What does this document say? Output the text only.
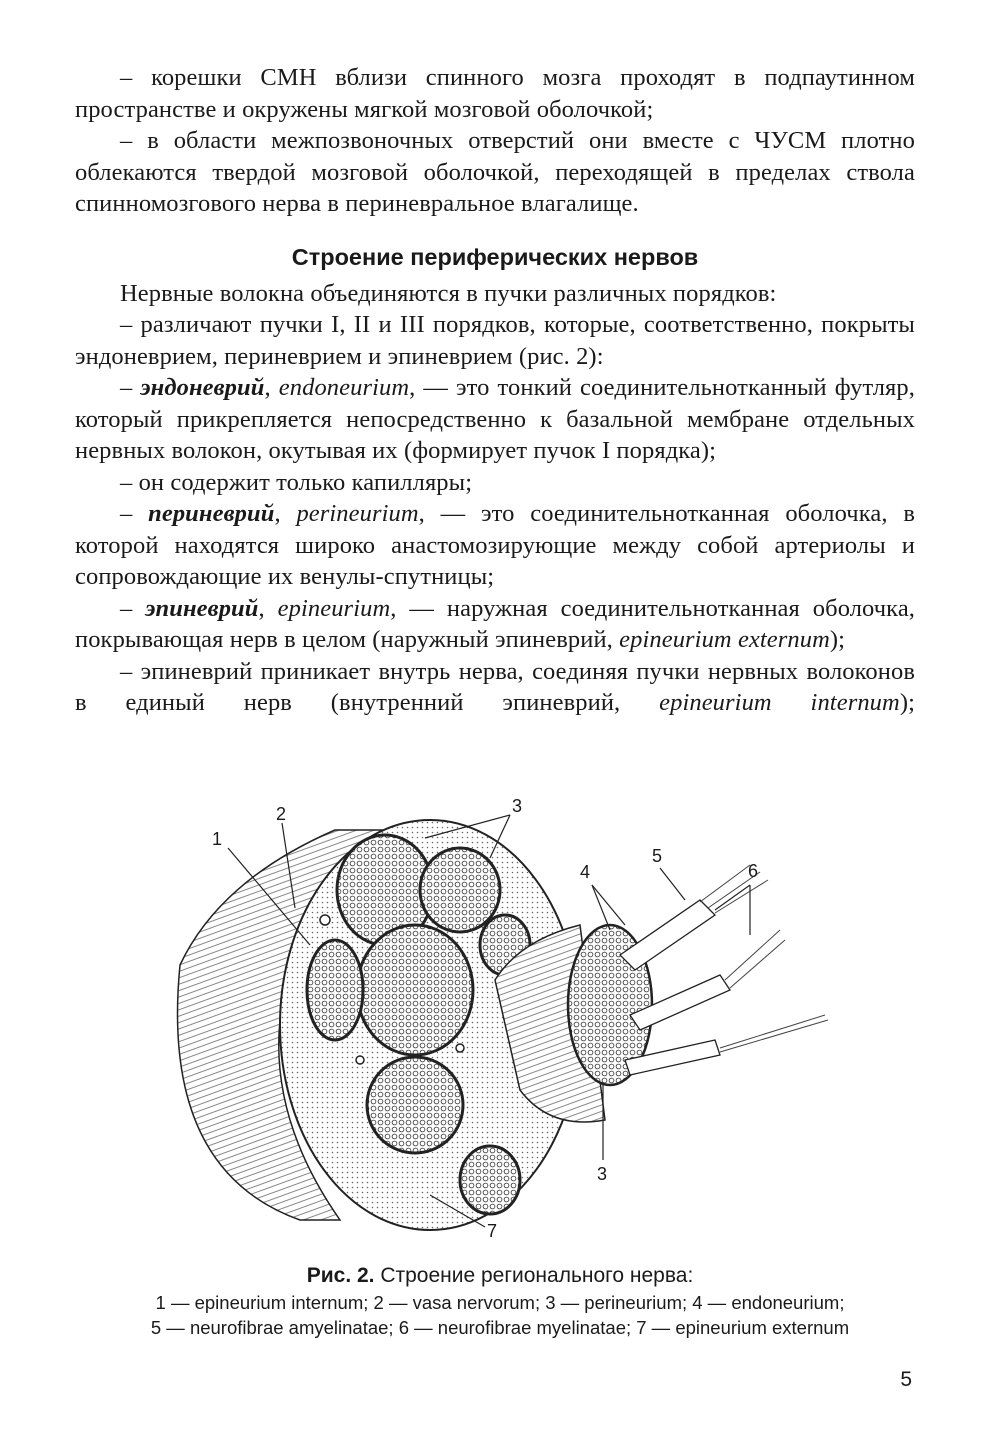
– корешки СМН вблизи спинного мозга проходят в подпаутинном пространстве и окружены мягкой мозговой оболочкой;

– в области межпозвоночных отверстий они вместе с ЧУСМ плотно облекаются твердой мозговой оболочкой, переходящей в пределах ствола спинномозгового нерва в периневральное влагалище.

Строение периферических нервов

Нервные волокна объединяются в пучки различных порядков:

– различают пучки I, II и III порядков, которые, соответственно, покрыты эндоневрием, периневрием и эпиневрием (рис. 2):

– эндоневрий, endoneurium, — это тонкий соединительнотканный футляр, который прикрепляется непосредственно к базальной мембране отдельных нервных волокон, окутывая их (формирует пучок I порядка);

– он содержит только капилляры;

– периневрий, perineurium, — это соединительнотканная оболочка, в которой находятся широко анастомозирующие между собой артериолы и сопровождающие их венулы-спутницы;

– эпиневрий, epineurium, — наружная соединительнотканная оболочка, покрывающая нерв в целом (наружный эпиневрий, epineurium externum);

– эпиневрий приникает внутрь нерва, соединяя пучки нервных волоконов в единый нерв (внутренний эпиневрий, epineurium internum);

1
2	3
4
5
6
3
7
Рис. 2. Строение регионального нерва:
1 — epineurium internum; 2 — vasa nervorum; 3 — perineurium; 4 — endoneurium;
5 — neurofibrae amyelinatae; 6 — neurofibrae myelinatae; 7 — epineurium externum
5
